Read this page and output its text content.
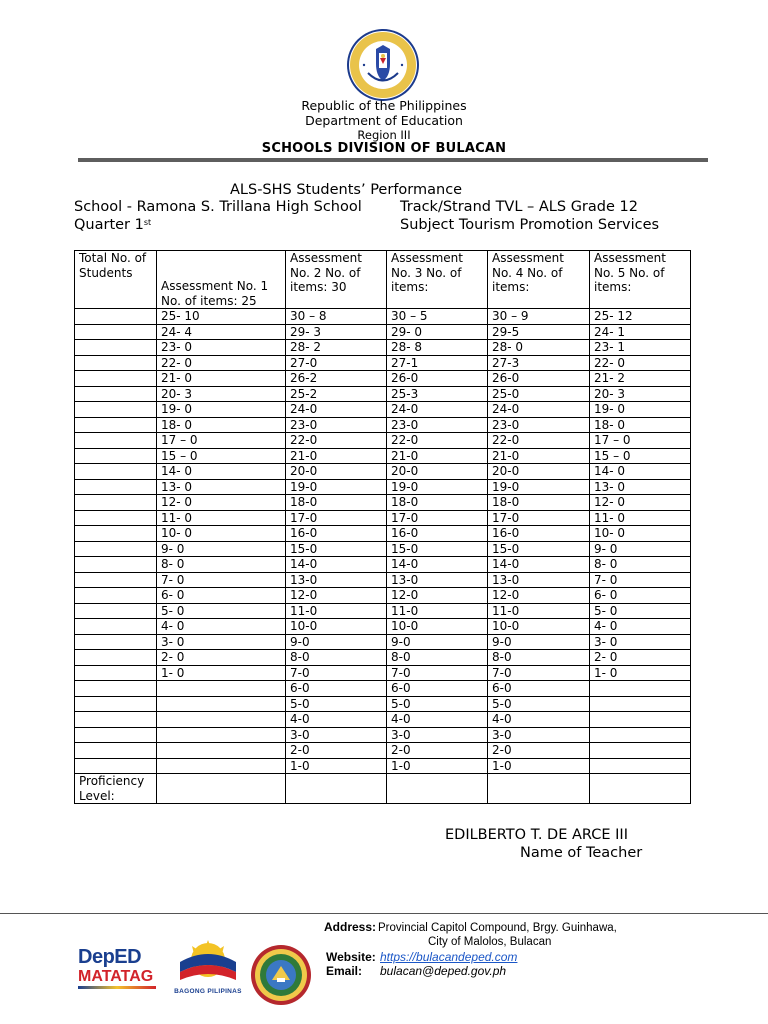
Republic of the Philippines
Department of Education
Region III
SCHOOLS DIVISION OF BULACAN
ALS-SHS Students’ Performance
School - Ramona S. Trillana High School	Track/Strand TVL – ALS Grade 12
Quarter 1st	Subject Tourism Promotion Services
Total No. of Students	Assessment No. 1 No. of items: 25	Assessment No. 2 No. of items: 30	Assessment No. 3 No. of items:	Assessment No. 4 No. of items:	Assessment No. 5 No. of items:
	25- 10	30 – 8	30 – 5	30 – 9	25- 12
	24- 4	29- 3	29- 0	29-5	24- 1
	23- 0	28- 2	28- 8	28- 0	23- 1
	22- 0	27-0	27-1	27-3	22- 0
	21- 0	26-2	26-0	26-0	21- 2
	20- 3	25-2	25-3	25-0	20- 3
	19- 0	24-0	24-0	24-0	19- 0
	18- 0	23-0	23-0	23-0	18- 0
	17 – 0	22-0	22-0	22-0	17 – 0
	15 – 0	21-0	21-0	21-0	15 – 0
	14- 0	20-0	20-0	20-0	14- 0
	13- 0	19-0	19-0	19-0	13- 0
	12- 0	18-0	18-0	18-0	12- 0
	11- 0	17-0	17-0	17-0	11- 0
	10- 0	16-0	16-0	16-0	10- 0
	9- 0	15-0	15-0	15-0	9- 0
	8- 0	14-0	14-0	14-0	8- 0
	7- 0	13-0	13-0	13-0	7- 0
	6- 0	12-0	12-0	12-0	6- 0
	5- 0	11-0	11-0	11-0	5- 0
	4- 0	10-0	10-0	10-0	4- 0
	3- 0	9-0	9-0	9-0	3- 0
	2- 0	8-0	8-0	8-0	2- 0
	1- 0	7-0	7-0	7-0	1- 0
		6-0	6-0	6-0	
		5-0	5-0	5-0	
		4-0	4-0	4-0	
		3-0	3-0	3-0	
		2-0	2-0	2-0	
		1-0	1-0	1-0	
Proficiency Level:					
EDILBERTO T. DE ARCE III
Name of Teacher
DepED
MATATAG
BAGONG PILIPINAS
Address: Provincial Capitol Compound, Brgy. Guinhawa,
City of Malolos, Bulacan
Website: https://bulacandeped.com
Email: bulacan@deped.gov.ph
